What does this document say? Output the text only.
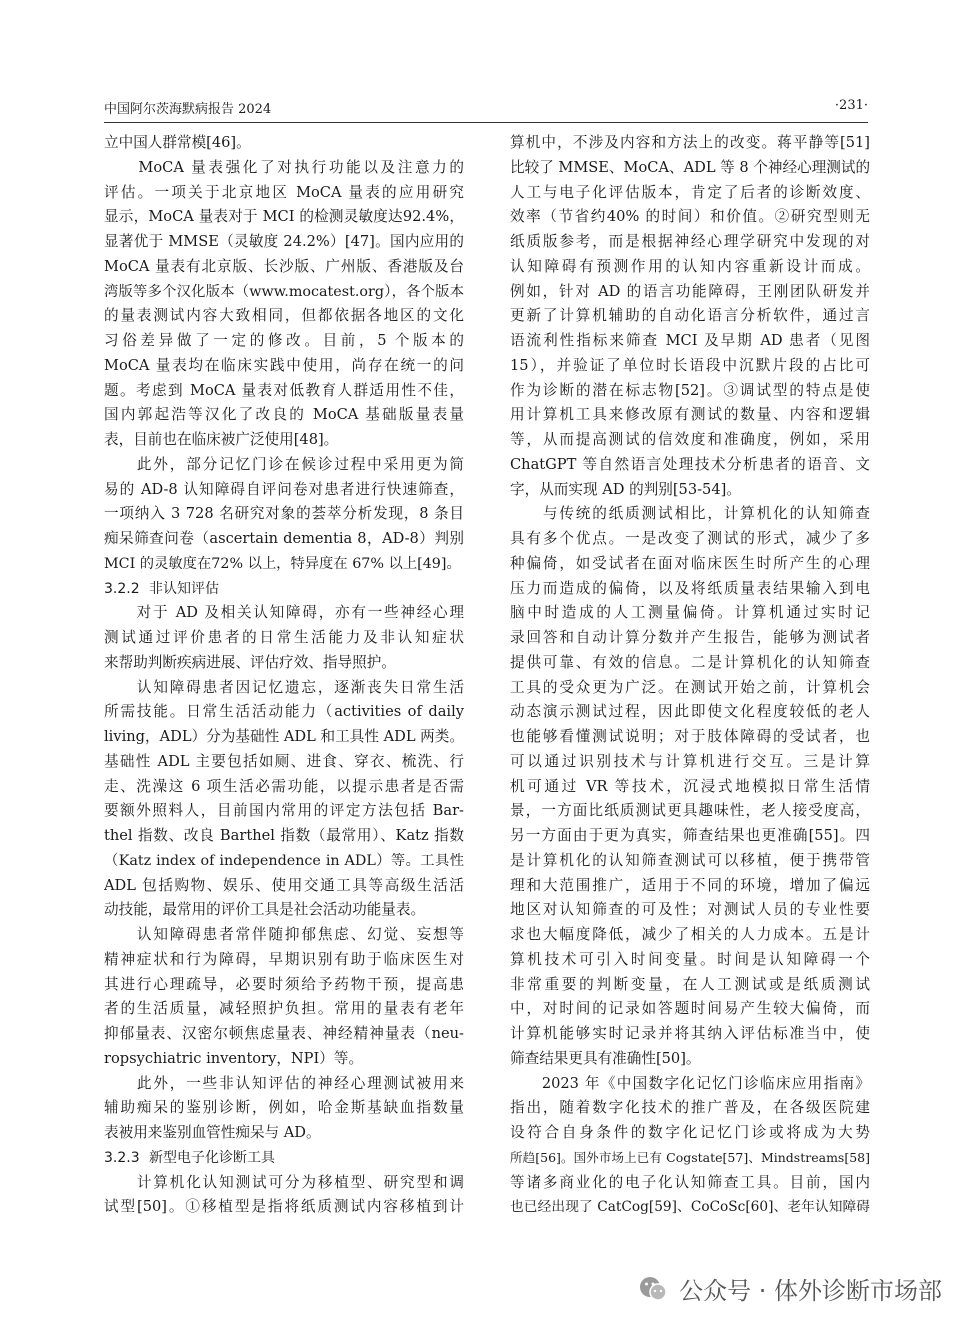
中国阿尔茨海默病报告 2024	·231·
立中国人群常模[46]。
　　MoCA 量表强化了对执行功能以及注意力的
评估。一项关于北京地区 MoCA 量表的应用研究
显示，MoCA 量表对于 MCI 的检测灵敏度达92.4%，
显著优于 MMSE（灵敏度 24.2%）[47]。国内应用的
MoCA 量表有北京版、长沙版、广州版、香港版及台
湾版等多个汉化版本（www.mocatest.org），各个版本
的量表测试内容大致相同，但都依据各地区的文化
习俗差异做了一定的修改。目前，5 个版本的
MoCA 量表均在临床实践中使用，尚存在统一的问
题。考虑到 MoCA 量表对低教育人群适用性不佳，
国内郭起浩等汉化了改良的 MoCA 基础版量表量
表，目前也在临床被广泛使用[48]。
　　此外，部分记忆门诊在候诊过程中采用更为简
易的 AD-8 认知障碍自评问卷对患者进行快速筛查，
一项纳入 3 728 名研究对象的荟萃分析发现，8 条目
痴呆筛查问卷（ascertain dementia 8，AD-8）判别
MCI 的灵敏度在72% 以上，特异度在 67% 以上[49]。
3.2.2 非认知评估
　　对于 AD 及相关认知障碍，亦有一些神经心理
测试通过评价患者的日常生活能力及非认知症状
来帮助判断疾病进展、评估疗效、指导照护。
　　认知障碍患者因记忆遗忘，逐渐丧失日常生活
所需技能。日常生活活动能力（activities of daily
living，ADL）分为基础性 ADL 和工具性 ADL 两类。
基础性 ADL 主要包括如厕、进食、穿衣、梳洗、行
走、洗澡这 6 项生活必需功能，以提示患者是否需
要额外照料人，目前国内常用的评定方法包括 Bar-
thel 指数、改良 Barthel 指数（最常用）、Katz 指数
（Katz index of independence in ADL）等。工具性
ADL 包括购物、娱乐、使用交通工具等高级生活活
动技能，最常用的评价工具是社会活动功能量表。
　　认知障碍患者常伴随抑郁焦虑、幻觉、妄想等
精神症状和行为障碍，早期识别有助于临床医生对
其进行心理疏导，必要时须给予药物干预，提高患
者的生活质量，减轻照护负担。常用的量表有老年
抑郁量表、汉密尔顿焦虑量表、神经精神量表（neu-
ropsychiatric inventory，NPI）等。
　　此外，一些非认知评估的神经心理测试被用来
辅助痴呆的鉴别诊断，例如，哈金斯基缺血指数量
表被用来鉴别血管性痴呆与 AD。
3.2.3 新型电子化诊断工具
　　计算机化认知测试可分为移植型、研究型和调
试型[50]。①移植型是指将纸质测试内容移植到计
算机中，不涉及内容和方法上的改变。蒋平静等[51]
比较了 MMSE、MoCA、ADL 等 8 个神经心理测试的
人工与电子化评估版本，肯定了后者的诊断效度、
效率（节省约40% 的时间）和价值。②研究型则无
纸质版参考，而是根据神经心理学研究中发现的对
认知障碍有预测作用的认知内容重新设计而成。
例如，针对 AD 的语言功能障碍，王刚团队研发并
更新了计算机辅助的自动化语言分析软件，通过言
语流利性指标来筛查 MCI 及早期 AD 患者（见图
15），并验证了单位时长语段中沉默片段的占比可
作为诊断的潜在标志物[52]。③调试型的特点是使
用计算机工具来修改原有测试的数量、内容和逻辑
等，从而提高测试的信效度和准确度，例如，采用
ChatGPT 等自然语言处理技术分析患者的语音、文
字，从而实现 AD 的判别[53-54]。
　　与传统的纸质测试相比，计算机化的认知筛查
具有多个优点。一是改变了测试的形式，减少了多
种偏倚，如受试者在面对临床医生时所产生的心理
压力而造成的偏倚，以及将纸质量表结果输入到电
脑中时造成的人工测量偏倚。计算机通过实时记
录回答和自动计算分数并产生报告，能够为测试者
提供可靠、有效的信息。二是计算机化的认知筛查
工具的受众更为广泛。在测试开始之前，计算机会
动态演示测试过程，因此即使文化程度较低的老人
也能够看懂测试说明；对于肢体障碍的受试者，也
可以通过识别技术与计算机进行交互。三是计算
机可通过 VR 等技术，沉浸式地模拟日常生活情
景，一方面比纸质测试更具趣味性，老人接受度高，
另一方面由于更为真实，筛查结果也更准确[55]。四
是计算机化的认知筛查测试可以移植，便于携带管
理和大范围推广，适用于不同的环境，增加了偏远
地区对认知筛查的可及性；对测试人员的专业性要
求也大幅度降低，减少了相关的人力成本。五是计
算机技术可引入时间变量。时间是认知障碍一个
非常重要的判断变量，在人工测试或是纸质测试
中，对时间的记录如答题时间易产生较大偏倚，而
计算机能够实时记录并将其纳入评估标准当中，使
筛查结果更具有准确性[50]。
　　2023 年《中国数字化记忆门诊临床应用指南》
指出，随着数字化技术的推广普及，在各级医院建
设符合自身条件的数字化记忆门诊或将成为大势
所趋[56]。国外市场上已有 Cogstate[57]、Mindstreams[58]
等诸多商业化的电子化认知筛查工具。目前，国内
也已经出现了 CatCog[59]、CoCoSc[60]、老年认知障碍
公众号 · 体外诊断市场部
